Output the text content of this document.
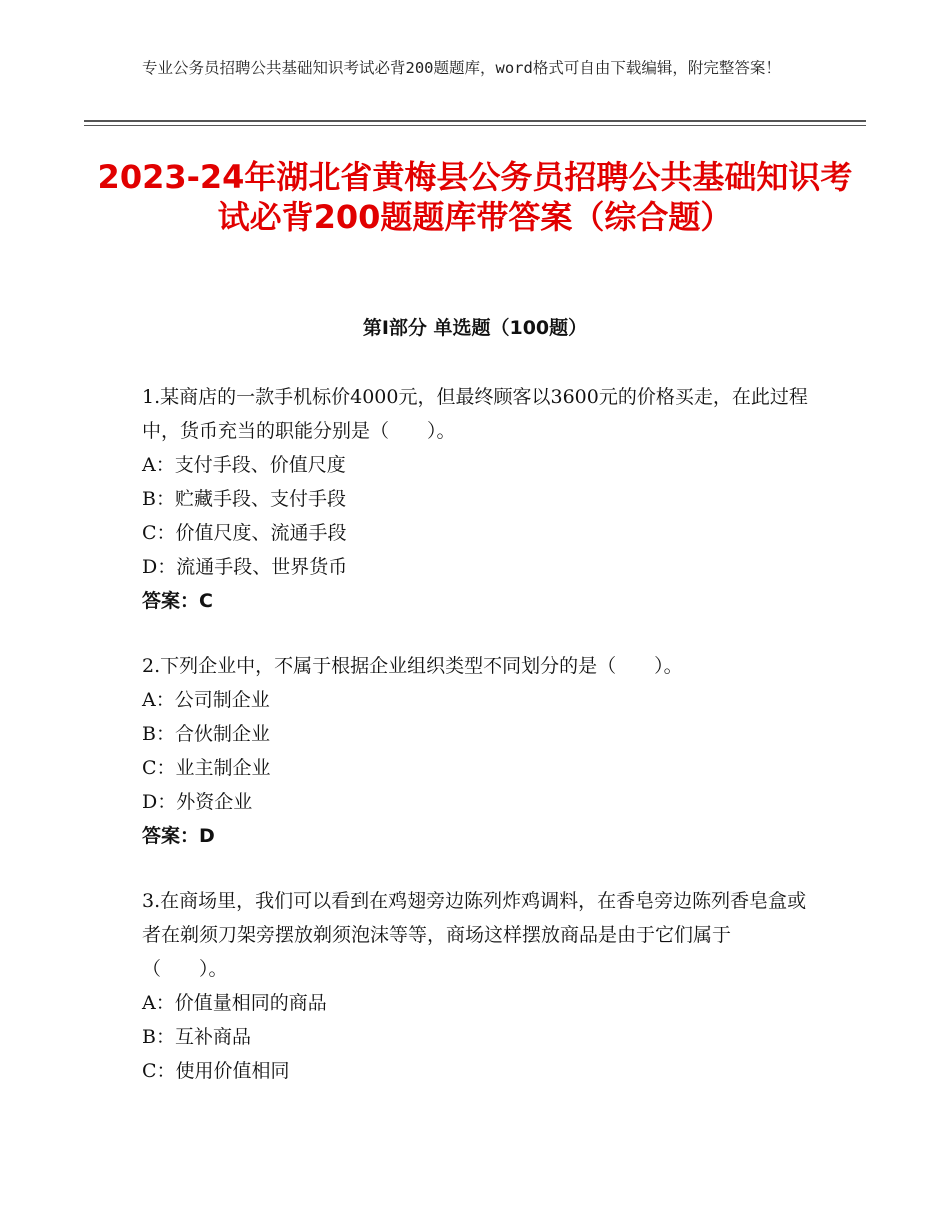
专业公务员招聘公共基础知识考试必背200题题库，word格式可自由下载编辑，附完整答案！
2023-24年湖北省黄梅县公务员招聘公共基础知识考试必背200题题库带答案（综合题）
第Ⅰ部分 单选题（100题）

1.某商店的一款手机标价4000元，但最终顾客以3600元的价格买走，在此过程中，货币充当的职能分别是（　　）。

A：支付手段、价值尺度

B：贮藏手段、支付手段

C：价值尺度、流通手段

D：流通手段、世界货币

答案：C

2.下列企业中，不属于根据企业组织类型不同划分的是（　　）。

A：公司制企业

B：合伙制企业

C：业主制企业

D：外资企业

答案：D

3.在商场里，我们可以看到在鸡翅旁边陈列炸鸡调料，在香皂旁边陈列香皂盒或者在剃须刀架旁摆放剃须泡沫等等，商场这样摆放商品是由于它们属于（　　）。

A：价值量相同的商品

B：互补商品

C：使用价值相同
